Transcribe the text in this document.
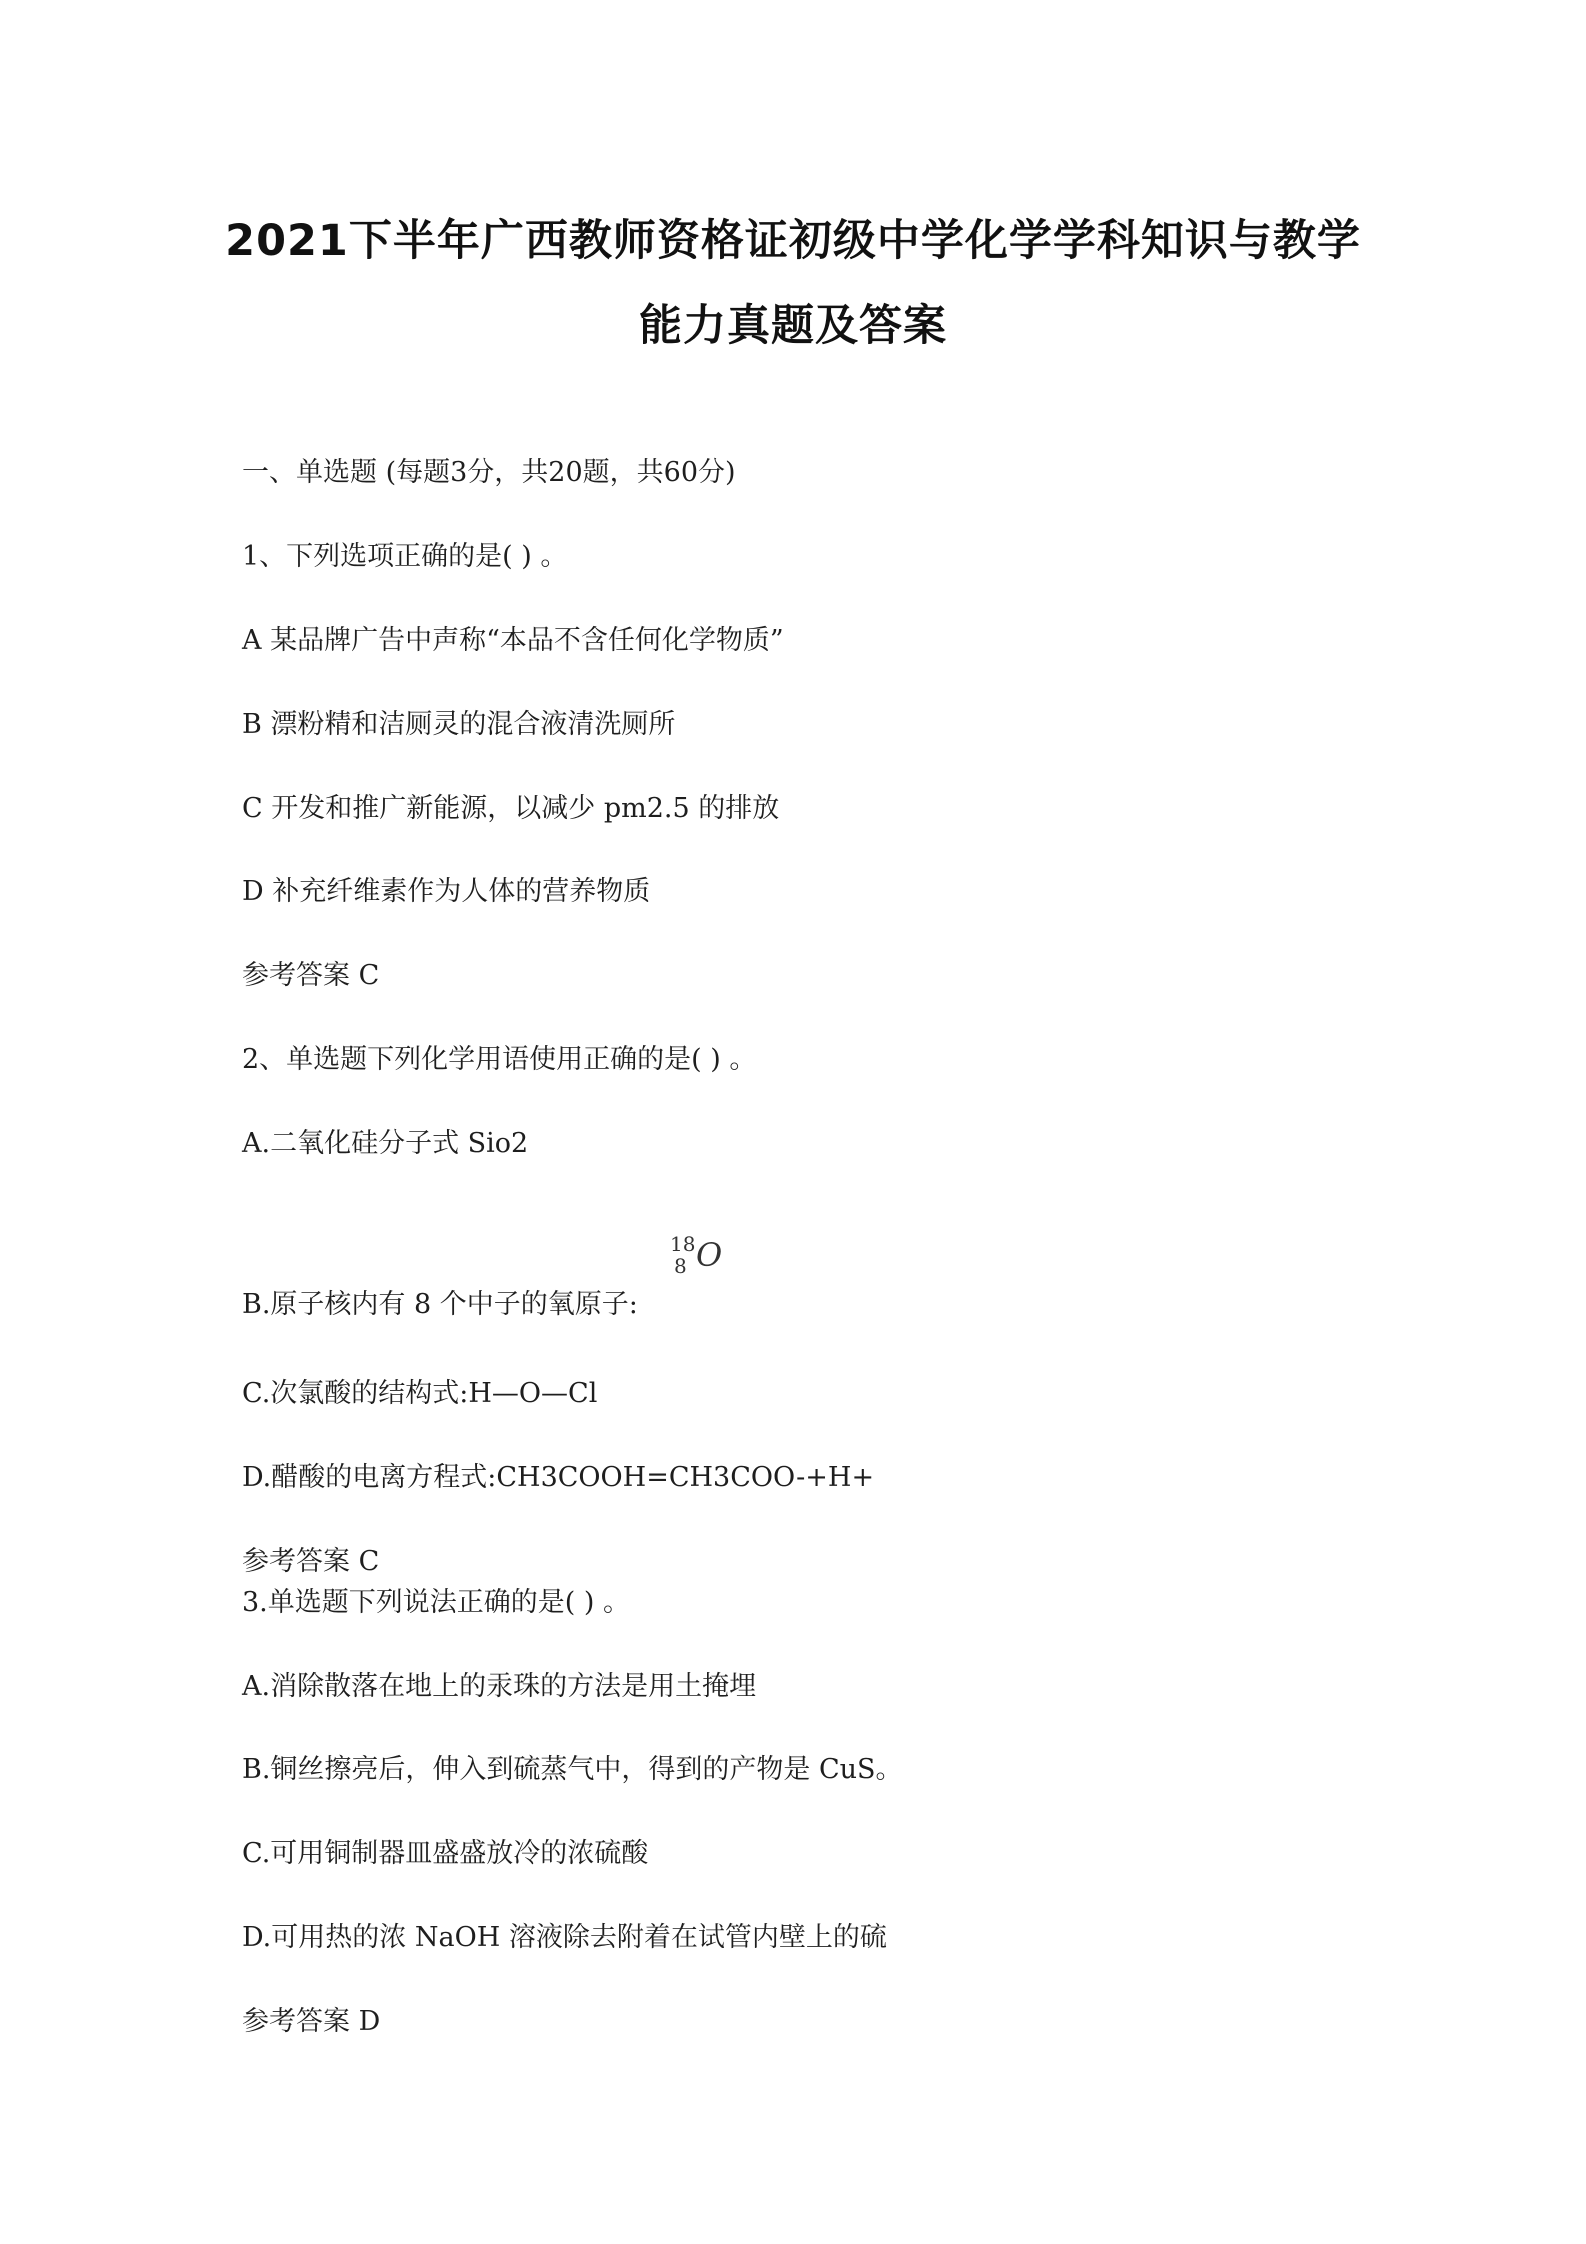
2021下半年广西教师资格证初级中学化学学科知识与教学
能力真题及答案
一、单选题 (每题3分，共20题，共60分)
1、下列选项正确的是( ) 。
A 某品牌广告中声称“本品不含任何化学物质”
B 漂粉精和洁厕灵的混合液清洗厕所
C 开发和推广新能源，以减少 pm2.5 的排放
D 补充纤维素作为人体的营养物质
参考答案 C
2、单选题下列化学用语使用正确的是( ) 。
A.二氧化硅分子式 Sio2
B.原子核内有 8 个中子的氧原子:
18
8 O
C.次氯酸的结构式:H—O—Cl
D.醋酸的电离方程式:CH3COOH=CH3COO-+H+
参考答案 C
3.单选题下列说法正确的是( ) 。
A.消除散落在地上的汞珠的方法是用土掩埋
B.铜丝擦亮后，伸入到硫蒸气中，得到的产物是 CuS。
C.可用铜制器皿盛盛放冷的浓硫酸
D.可用热的浓 NaOH 溶液除去附着在试管内壁上的硫
参考答案 D
